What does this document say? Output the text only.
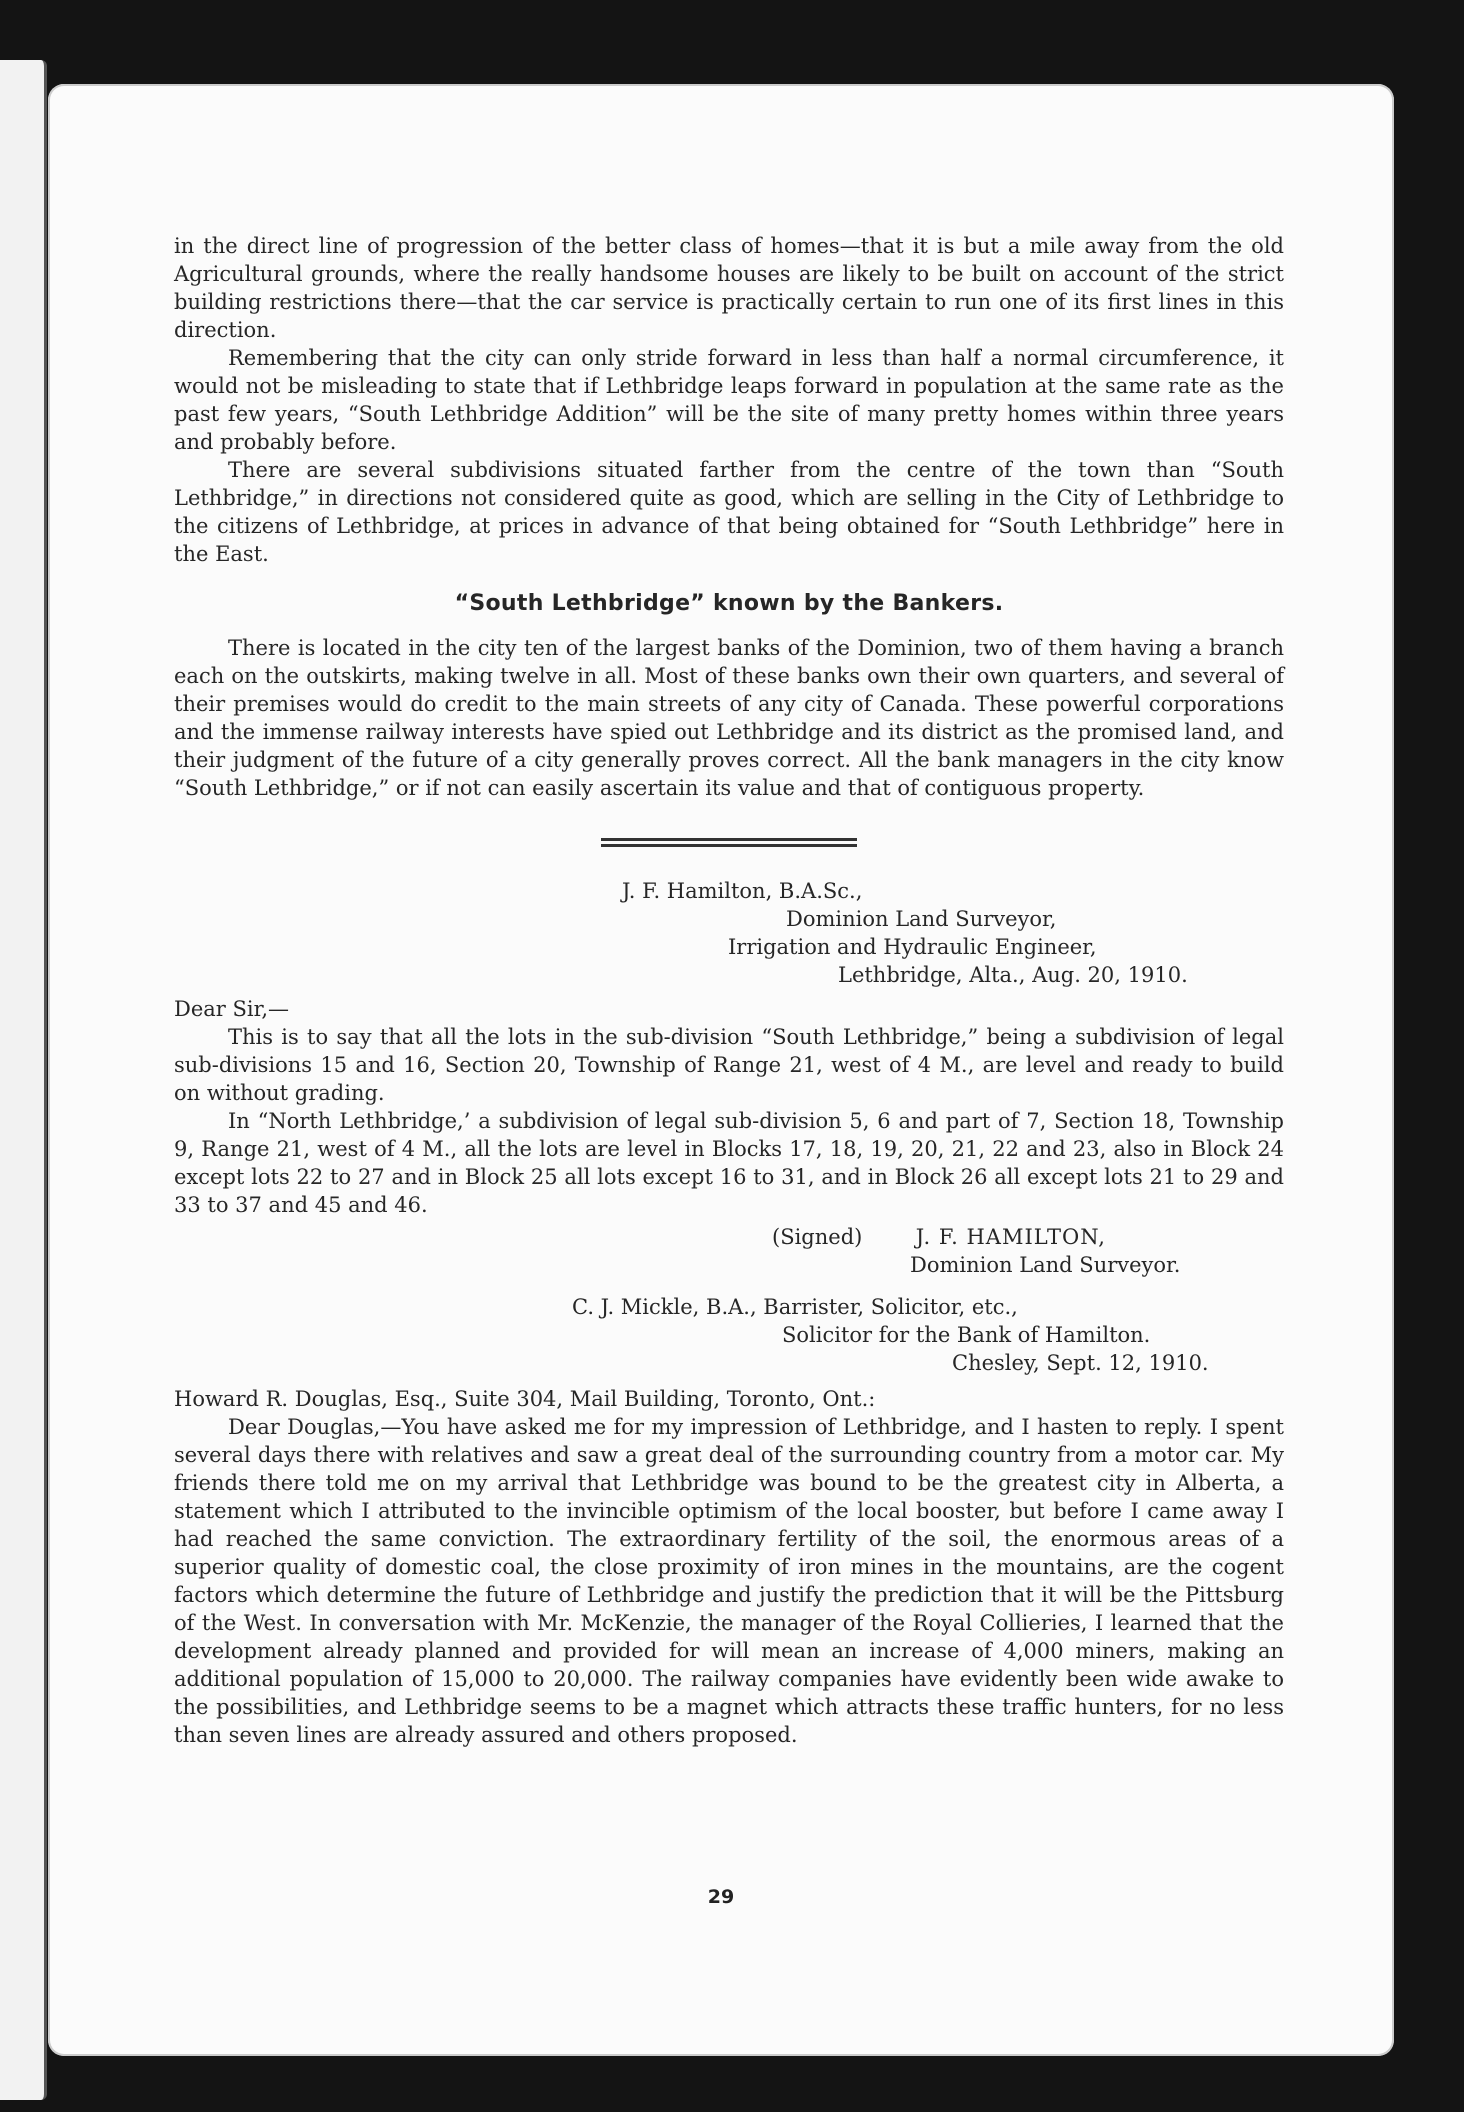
in the direct line of progression of the better class of homes—that it is but a mile away from the old Agricultural grounds, where the really handsome houses are likely to be built on account of the strict building restrictions there—that the car service is practically certain to run one of its first lines in this direction.

Remembering that the city can only stride forward in less than half a normal circumference, it would not be misleading to state that if Lethbridge leaps forward in population at the same rate as the past few years, “South Lethbridge Addition” will be the site of many pretty homes within three years and probably before.

There are several subdivisions situated farther from the centre of the town than “South Lethbridge,” in directions not considered quite as good, which are selling in the City of Lethbridge to the citizens of Lethbridge, at prices in advance of that being obtained for “South Lethbridge” here in the East.

“South Lethbridge” known by the Bankers.

There is located in the city ten of the largest banks of the Dominion, two of them having a branch each on the outskirts, making twelve in all. Most of these banks own their own quarters, and several of their premises would do credit to the main streets of any city of Canada. These powerful corporations and the immense railway interests have spied out Lethbridge and its district as the promised land, and their judgment of the future of a city generally proves correct. All the bank managers in the city know “South Lethbridge,” or if not can easily ascertain its value and that of contiguous property.

J. F. Hamilton, B.A.Sc.,
Dominion Land Surveyor,
Irrigation and Hydraulic Engineer,
Lethbridge, Alta., Aug. 20, 1910.

Dear Sir,—

This is to say that all the lots in the sub-division “South Lethbridge,” being a subdivision of legal sub-divisions 15 and 16, Section 20, Township of Range 21, west of 4 M., are level and ready to build on without grading.

In “North Lethbridge,’ a subdivision of legal sub-division 5, 6 and part of 7, Section 18, Township 9, Range 21, west of 4 M., all the lots are level in Blocks 17, 18, 19, 20, 21, 22 and 23, also in Block 24 except lots 22 to 27 and in Block 25 all lots except 16 to 31, and in Block 26 all except lots 21 to 29 and 33 to 37 and 45 and 46.

(Signed)	J. F. HAMILTON,
Dominion Land Surveyor.
C. J. Mickle, B.A., Barrister, Solicitor, etc.,
Solicitor for the Bank of Hamilton.
Chesley, Sept. 12, 1910.

Howard R. Douglas, Esq., Suite 304, Mail Building, Toronto, Ont.:

Dear Douglas,—You have asked me for my impression of Lethbridge, and I hasten to reply. I spent several days there with relatives and saw a great deal of the surrounding country from a motor car. My friends there told me on my arrival that Lethbridge was bound to be the greatest city in Alberta, a statement which I attributed to the invincible optimism of the local booster, but before I came away I had reached the same conviction. The extraordinary fertility of the soil, the enormous areas of a superior quality of domestic coal, the close proximity of iron mines in the mountains, are the cogent factors which determine the future of Lethbridge and justify the prediction that it will be the Pittsburg of the West. In conversation with Mr. McKenzie, the manager of the Royal Collieries, I learned that the development already planned and provided for will mean an increase of 4,000 miners, making an additional population of 15,000 to 20,000. The railway companies have evidently been wide awake to the possibilities, and Lethbridge seems to be a magnet which attracts these traffic hunters, for no less than seven lines are already assured and others proposed.

29
